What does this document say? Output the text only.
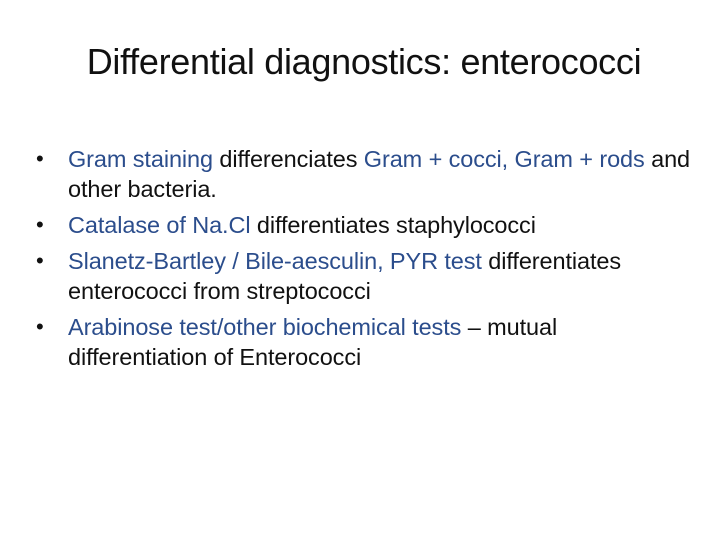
Differential diagnostics: enterococci
• Gram staining differenciates Gram + cocci, Gram + rods and other bacteria.
• Catalase of Na.Cl differentiates staphylococci
• Slanetz-Bartley / Bile-aesculin, PYR test differentiates enterococci from streptococci
• Arabinose test/other biochemical tests – mutual differentiation of Enterococci
